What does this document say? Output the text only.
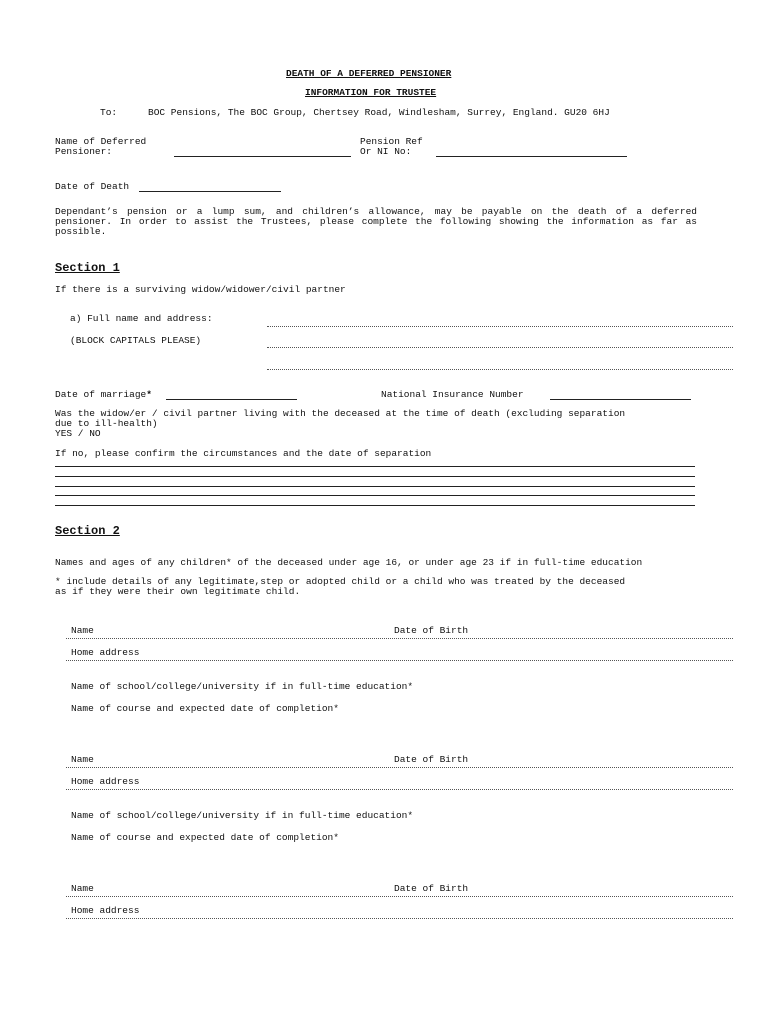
DEATH OF A DEFERRED PENSIONER
INFORMATION FOR TRUSTEE
To:	BOC Pensions, The BOC Group, Chertsey Road, Windlesham, Surrey, England. GU20 6HJ
Name of Deferred
Pensioner:
Pension Ref
Or NI No:
Date of Death
Dependant’s pension or a lump sum, and children’s allowance, may be payable on the death of a deferred pensioner. In order to assist the Trustees, please complete the following showing the information as far as possible.
Section 1
If there is a surviving widow/widower/civil partner
a) Full name and address:
(BLOCK CAPITALS PLEASE)
Date of marriage*	National Insurance Number
Was the widow/er / civil partner living with the deceased at the time of death (excluding separation
due to ill-health)
YES / NO
If no, please confirm the circumstances and the date of separation
Section 2
Names and ages of any children* of the deceased under age 16, or under age 23 if in full-time education
* include details of any legitimate,step or adopted child or a child who was treated by the deceased
as if they were their own legitimate child.
Name	Date of Birth
Home address
Name of school/college/university if in full-time education*
Name of course and expected date of completion*
Name	Date of Birth
Home address
Name of school/college/university if in full-time education*
Name of course and expected date of completion*
Name	Date of Birth
Home address
